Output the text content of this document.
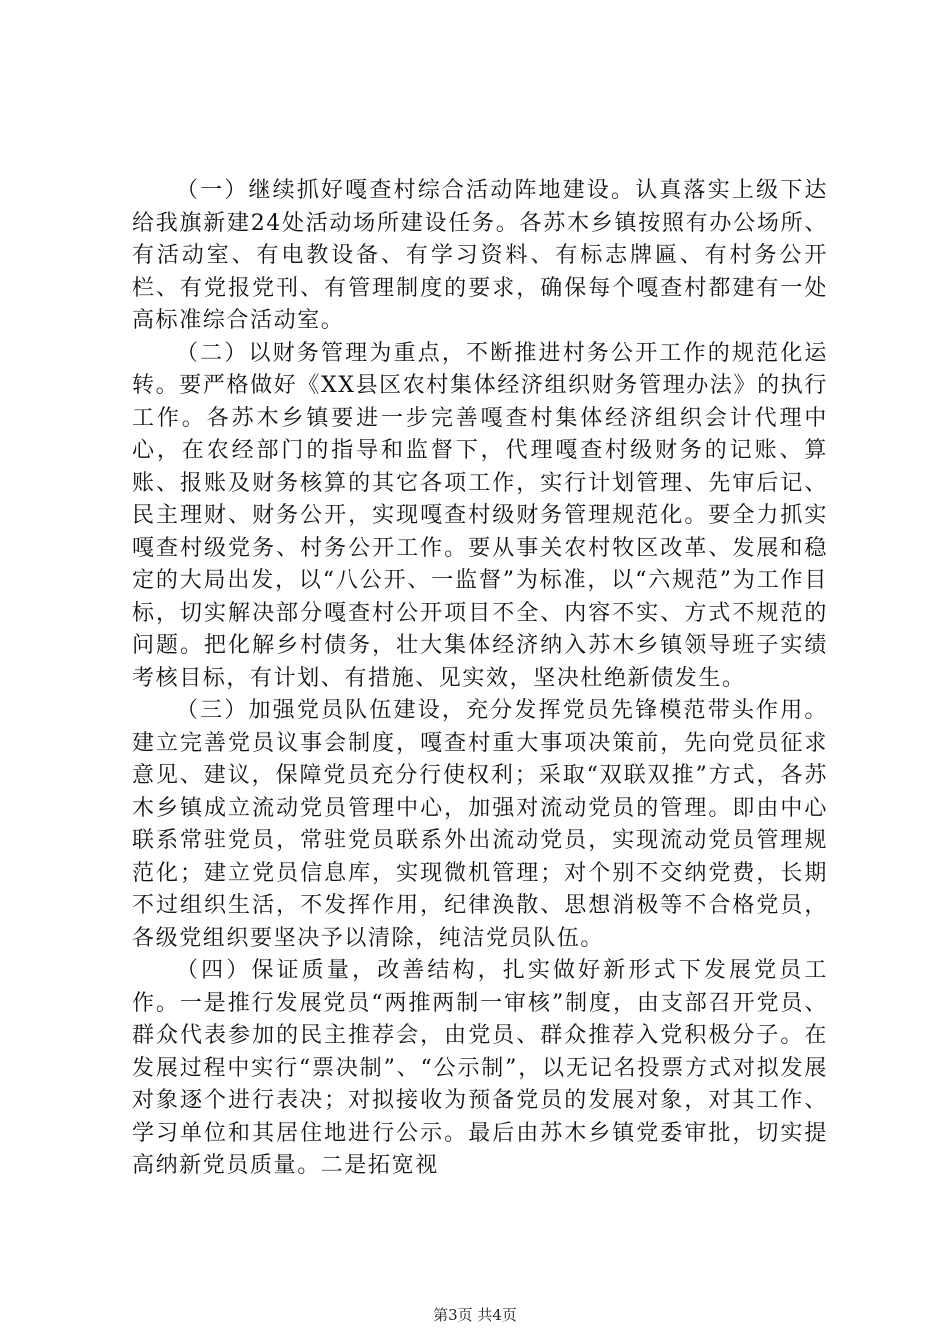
（一）继续抓好嘎查村综合活动阵地建设。认真落实上级下达给我旗新建24处活动场所建设任务。各苏木乡镇按照有办公场所、有活动室、有电教设备、有学习资料、有标志牌匾、有村务公开栏、有党报党刊、有管理制度的要求，确保每个嘎查村都建有一处高标准综合活动室。

（二）以财务管理为重点，不断推进村务公开工作的规范化运转。要严格做好《XX县区农村集体经济组织财务管理办法》的执行工作。各苏木乡镇要进一步完善嘎查村集体经济组织会计代理中心，在农经部门的指导和监督下，代理嘎查村级财务的记账、算账、报账及财务核算的其它各项工作，实行计划管理、先审后记、民主理财、财务公开，实现嘎查村级财务管理规范化。要全力抓实嘎查村级党务、村务公开工作。要从事关农村牧区改革、发展和稳定的大局出发，以“八公开、一监督”为标准，以“六规范”为工作目标，切实解决部分嘎查村公开项目不全、内容不实、方式不规范的问题。把化解乡村债务，壮大集体经济纳入苏木乡镇领导班子实绩考核目标，有计划、有措施、见实效，坚决杜绝新债发生。

（三）加强党员队伍建设，充分发挥党员先锋模范带头作用。建立完善党员议事会制度，嘎查村重大事项决策前，先向党员征求意见、建议，保障党员充分行使权利；采取“双联双推”方式，各苏木乡镇成立流动党员管理中心，加强对流动党员的管理。即由中心联系常驻党员，常驻党员联系外出流动党员，实现流动党员管理规范化；建立党员信息库，实现微机管理；对个别不交纳党费，长期不过组织生活，不发挥作用，纪律涣散、思想消极等不合格党员，各级党组织要坚决予以清除，纯洁党员队伍。

（四）保证质量，改善结构，扎实做好新形式下发展党员工作。一是推行发展党员“两推两制一审核”制度，由支部召开党员、群众代表参加的民主推荐会，由党员、群众推荐入党积极分子。在发展过程中实行“票决制”、“公示制”，以无记名投票方式对拟发展对象逐个进行表决；对拟接收为预备党员的发展对象，对其工作、学习单位和其居住地进行公示。最后由苏木乡镇党委审批，切实提高纳新党员质量。二是拓宽视

第3页 共4页
